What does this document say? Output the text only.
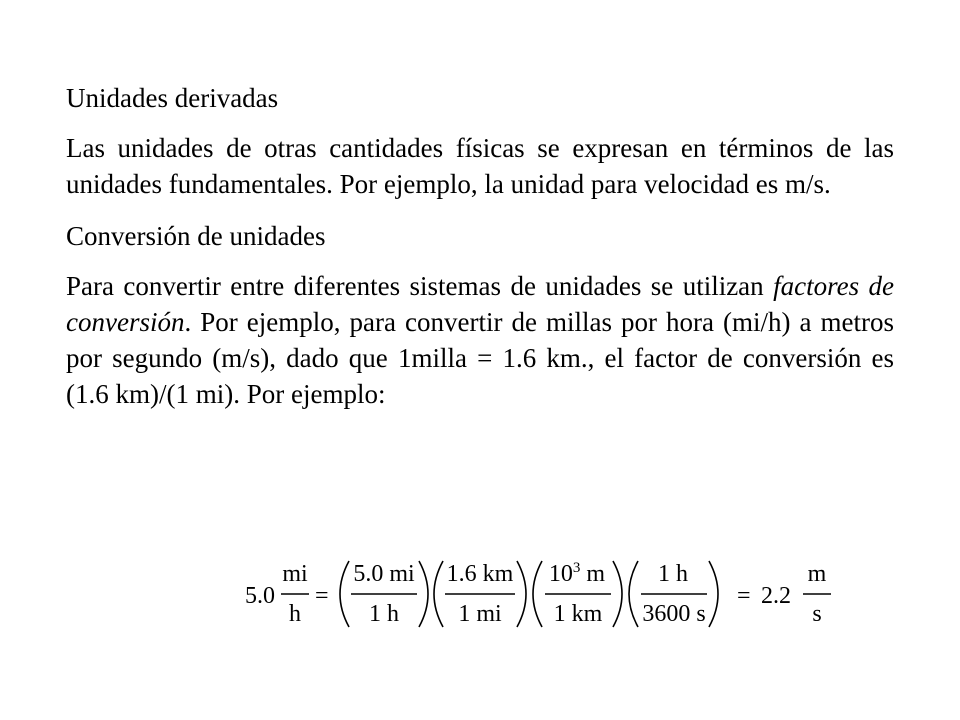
Unidades derivadas

Las unidades de otras cantidades físicas se expresan en términos de las unidades fundamentales. Por ejemplo, la unidad para velocidad es m/s.

Conversión de unidades

Para convertir entre diferentes sistemas de unidades se utilizan factores de conversión. Por ejemplo, para convertir de millas por hora (mi/h) a metros por segundo (m/s), dado que 1milla = 1.6 km., el factor de conversión es (1.6 km)/(1 mi). Por ejemplo:

5.0
mi
h
=
5.0 mi
1 h
1.6 km
1 mi
$10^3$ m
1 km
1 h
3600 s
= 2.2
m
s
